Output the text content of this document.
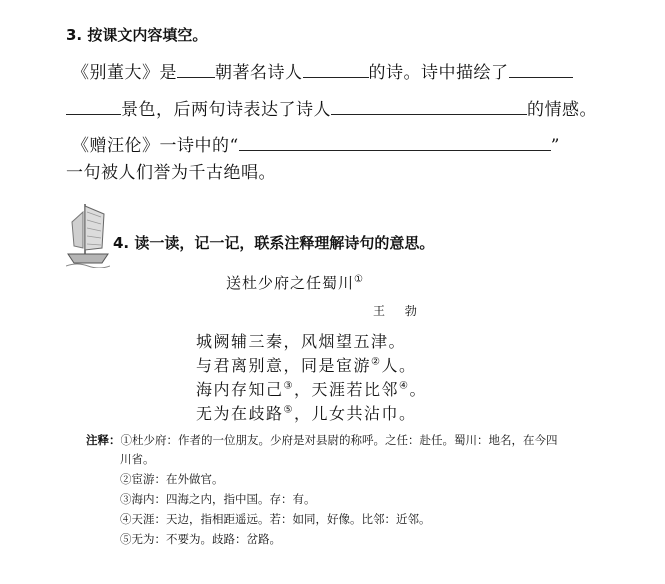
3. 按课文内容填空。
《别董大》是 朝著名诗人	的诗。诗中描绘了
景色，后两句诗表达了诗人	的情感。
《赠汪伦》一诗中的“	”
一句被人们誉为千古绝唱。
4. 读一读，记一记，联系注释理解诗句的意思。
送杜少府之任蜀川①
王 勃
城阙辅三秦，风烟望五津。
与君离别意，同是宦游②人。
海内存知己③，天涯若比邻④。
无为在歧路⑤，儿女共沾巾。
注释：①杜少府：作者的一位朋友。少府是对县尉的称呼。之任：赴任。蜀川：地名，在今四
川省。
②宦游：在外做官。
③海内：四海之内，指中国。存：有。
④天涯：天边，指相距遥远。若：如同，好像。比邻：近邻。
⑤无为：不要为。歧路：岔路。
